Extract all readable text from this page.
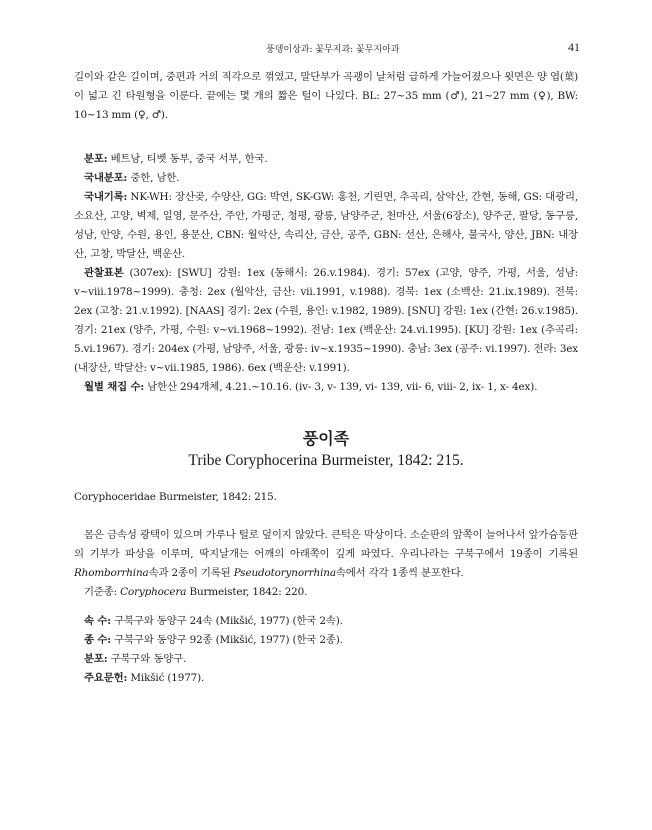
풍뎅이상과: 꽃무지과: 꽃무지아과	41

길이와 같은 길이며, 중편과 거의 직각으로 꺾였고, 말단부가 곡괭이 날처럼 급하게 가늘어졌으나 윗면은 양 엽(葉)이 넓고 긴 타원형을 이룬다. 끝에는 몇 개의 짧은 털이 나있다. BL: 27~35 mm (♂), 21~27 mm (♀), BW: 10~13 mm (♀, ♂).

분포: 베트남, 티벳 동부, 중국 서부, 한국.

국내분포: 중한, 남한.

국내기록: NK-WH: 장산곶, 수양산, GG: 박연, SK-GW: 홍천, 기린면, 추곡리, 삼악산, 간현, 동해, GS: 대광리, 소요산, 고양, 벽제, 일영, 문주산, 주안, 가평군, 청평, 광릉, 남양주군, 천마산, 서울(6장소), 양주군, 팔당, 동구릉, 성남, 안양, 수원, 용인, 용문산, CBN: 월악산, 속리산, 금산, 공주, GBN: 선산, 은해사, 불국사, 양산, JBN: 내장산, 고창, 박달산, 백운산.

관찰표본 (307ex): [SWU] 강원: 1ex (동해시: 26.v.1984). 경기: 57ex (고양, 양주, 가평, 서울, 성남: v~viii.1978~1999). 충청: 2ex (월악산, 금산: vii.1991, v.1988). 경북: 1ex (소백산: 21.ix.1989). 전북: 2ex (고창: 21.v.1992). [NAAS] 경기: 2ex (수원, 용인: v.1982, 1989). [SNU] 강원: 1ex (간현: 26.v.1985). 경기: 21ex (양주, 가평, 수원: v~vi.1968~1992). 전남: 1ex (백운산: 24.vi.1995). [KU] 강원: 1ex (추곡리: 5.vi.1967). 경기: 204ex (가평, 남양주, 서울, 광릉: iv~x.1935~1990). 충남: 3ex (공주: vi.1997). 전라: 3ex (내장산, 박달산: v~vii.1985, 1986). 6ex (백운산: v.1991).

월별 채집 수: 남한산 294개체, 4.21.~10.16. (iv- 3, v- 139, vi- 139, vii- 6, viii- 2, ix- 1, x- 4ex).

풍이족
Tribe Coryphocerina Burmeister, 1842: 215.

Coryphoceridae Burmeister, 1842: 215.

몸은 금속성 광택이 있으며 가루나 털로 덮이지 않았다. 큰턱은 막상이다. 소순판의 앞쪽이 늘어나서 앞가슴등판의 기부가 파상을 이루며, 딱지날개는 어깨의 아래쪽이 깊게 파였다. 우리나라는 구북구에서 19종이 기록된 Rhomborrhina속과 2종이 기록된 Pseudotorynorrhina속에서 각각 1종씩 분포한다.

기준종: Coryphocera Burmeister, 1842: 220.

속 수: 구북구와 동양구 24속 (Mikšić, 1977) (한국 2속).

종 수: 구북구와 동양구 92종 (Mikšić, 1977) (한국 2종).

분포: 구북구와 동양구.

주요문헌: Mikšić (1977).
